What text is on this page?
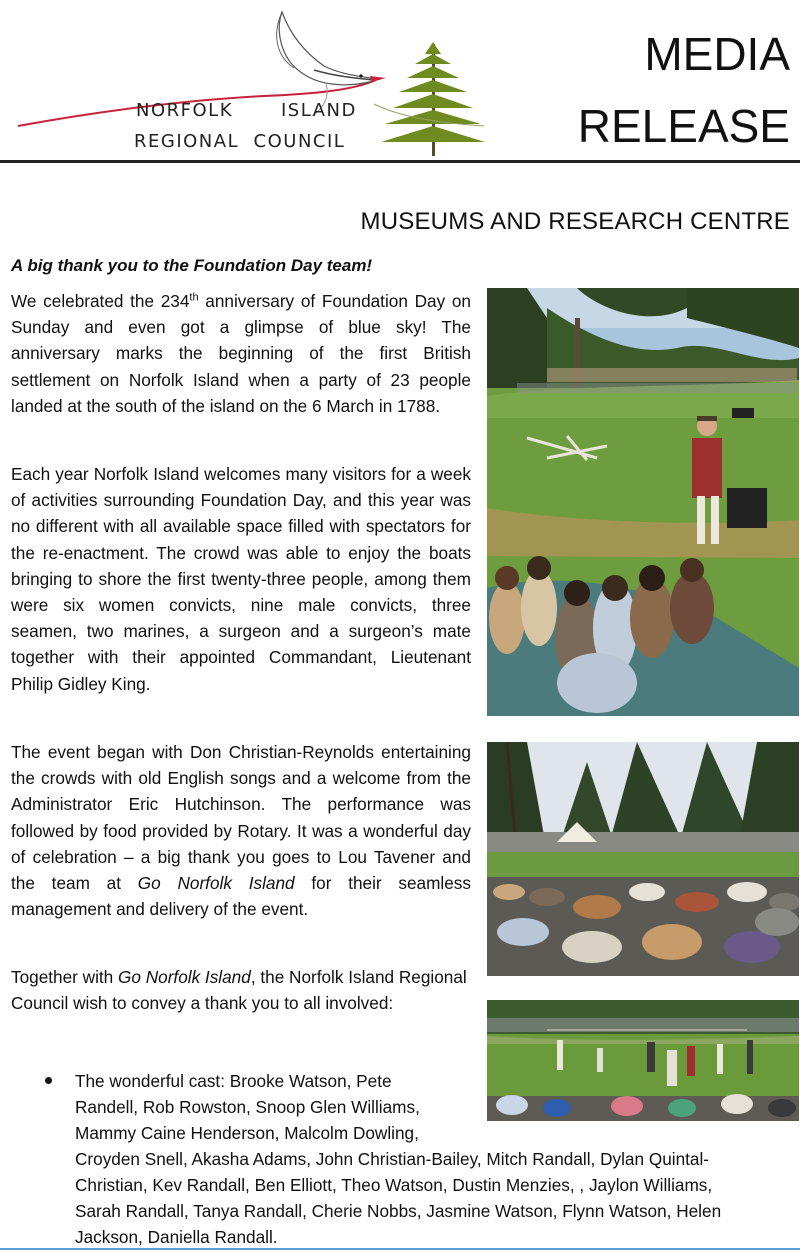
NORFOLK	ISLAND
REGIONAL  COUNCIL
MEDIA
RELEASE
MUSEUMS AND RESEARCH CENTRE
A big thank you to the Foundation Day team!

We celebrated the 234th anniversary of Foundation Day on Sunday and even got a glimpse of blue sky! The anniversary marks the beginning of the first British settlement on Norfolk Island when a party of 23 people landed at the south of the island on the 6 March in 1788.

Each year Norfolk Island welcomes many visitors for a week of activities surrounding Foundation Day, and this year was no different with all available space filled with spectators for the re-enactment. The crowd was able to enjoy the boats bringing to shore the first twenty-three people, among them were six women convicts, nine male convicts, three seamen, two marines, a surgeon and a surgeon’s mate together with their appointed Commandant, Lieutenant Philip Gidley King.

The event began with Don Christian-Reynolds entertaining the crowds with old English songs and a welcome from the Administrator Eric Hutchinson. The performance was followed by food provided by Rotary. It was a wonderful day of celebration – a big thank you goes to Lou Tavener and the team at Go Norfolk Island for their seamless management and delivery of the event.

Together with Go Norfolk Island, the Norfolk Island Regional Council wish to convey a thank you to all involved:

The wonderful cast: Brooke Watson, Pete
Randell, Rob Rowston, Snoop Glen Williams,
Mammy Caine Henderson, Malcolm Dowling,
Croyden Snell, Akasha Adams, John Christian-Bailey, Mitch Randall, Dylan Quintal-
Christian, Kev Randall, Ben Elliott, Theo Watson, Dustin Menzies, , Jaylon Williams,
Sarah Randall, Tanya Randall, Cherie Nobbs, Jasmine Watson, Flynn Watson, Helen
Jackson, Daniella Randall.
